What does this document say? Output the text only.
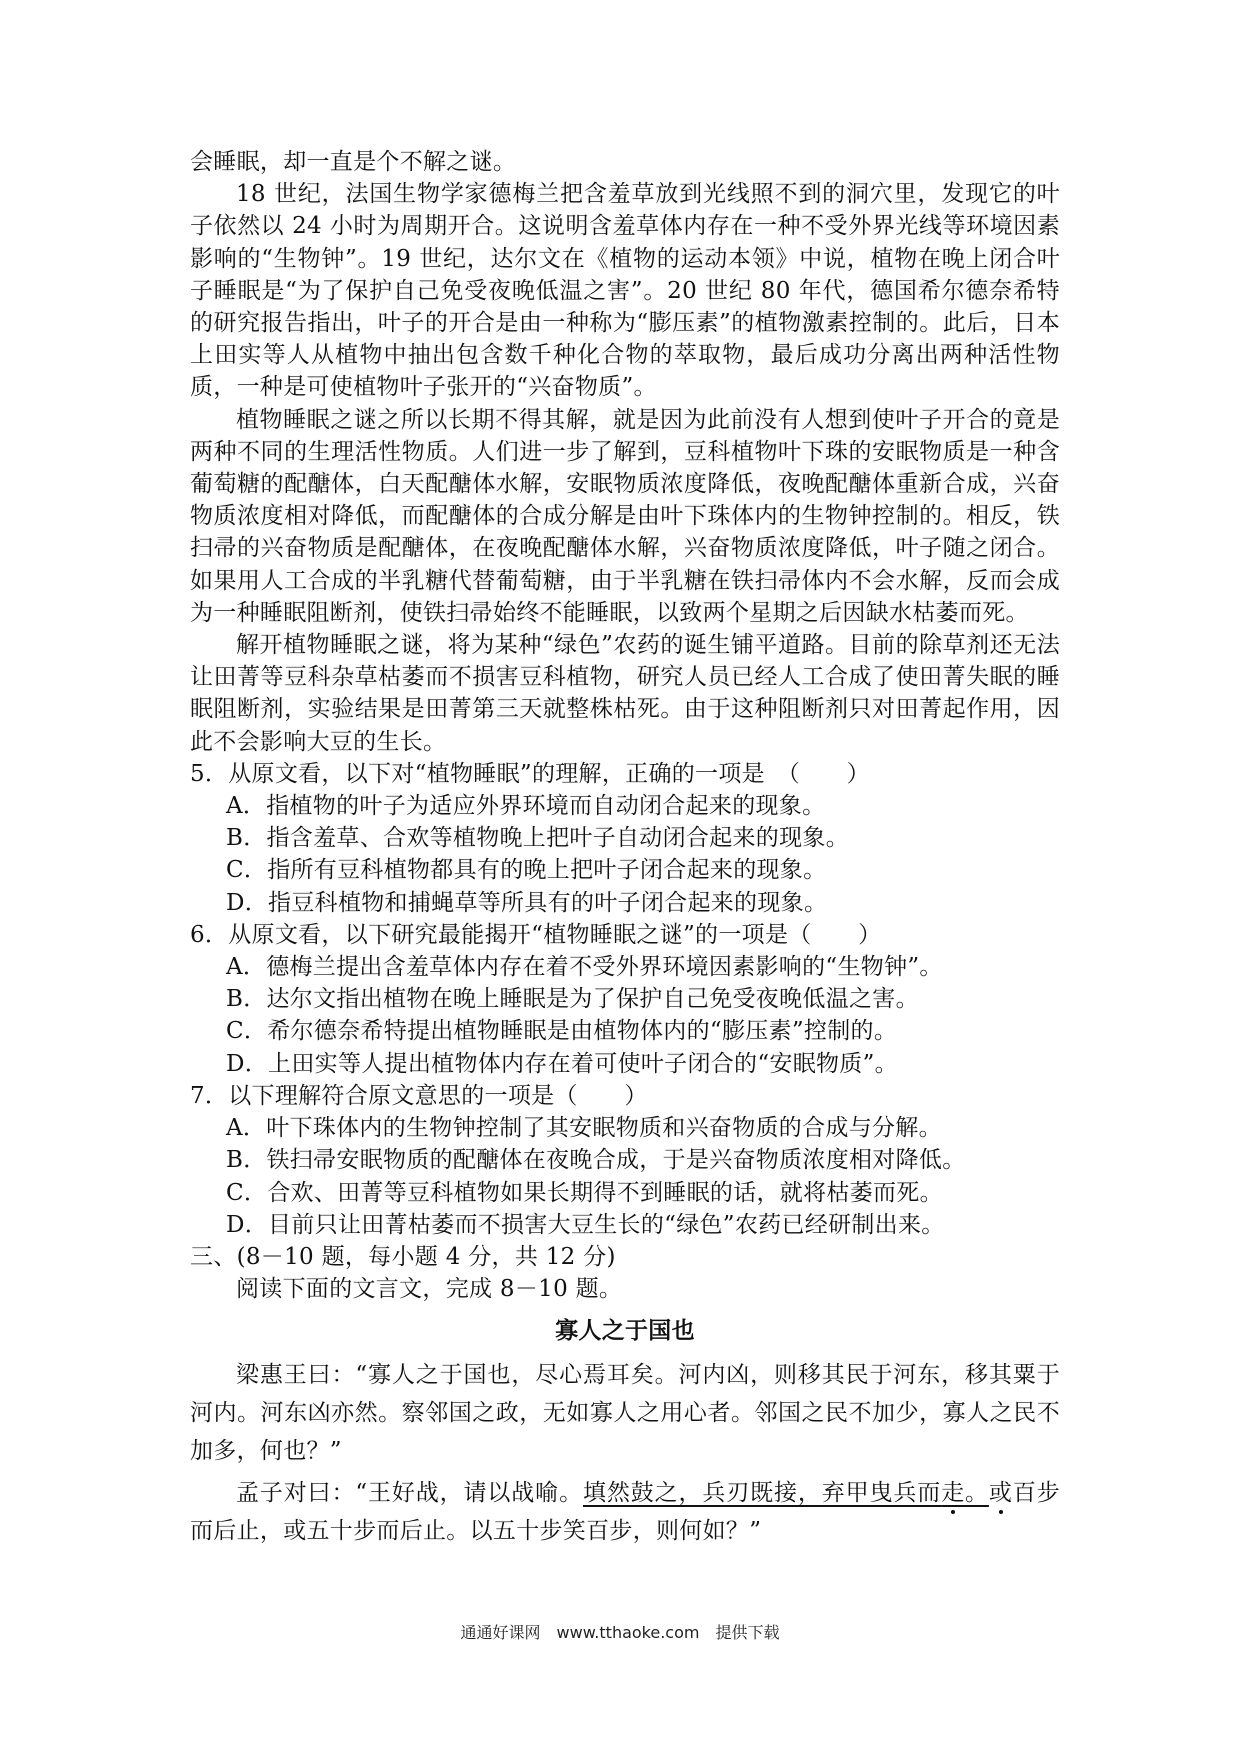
会睡眠，却一直是个不解之谜。

18 世纪，法国生物学家德梅兰把含羞草放到光线照不到的洞穴里，发现它的叶子依然以 24 小时为周期开合。这说明含羞草体内存在一种不受外界光线等环境因素影响的“生物钟”。19 世纪，达尔文在《植物的运动本领》中说，植物在晚上闭合叶子睡眠是“为了保护自己免受夜晚低温之害”。20 世纪 80 年代，德国希尔德奈希特的研究报告指出，叶子的开合是由一种称为“膨压素”的植物激素控制的。此后，日本上田实等人从植物中抽出包含数千种化合物的萃取物，最后成功分离出两种活性物质，一种是可使植物叶子张开的“兴奋物质”。

植物睡眠之谜之所以长期不得其解，就是因为此前没有人想到使叶子开合的竟是两种不同的生理活性物质。人们进一步了解到，豆科植物叶下珠的安眠物质是一种含葡萄糖的配醣体，白天配醣体水解，安眠物质浓度降低，夜晚配醣体重新合成，兴奋物质浓度相对降低，而配醣体的合成分解是由叶下珠体内的生物钟控制的。相反，铁扫帚的兴奋物质是配醣体，在夜晚配醣体水解，兴奋物质浓度降低，叶子随之闭合。如果用人工合成的半乳糖代替葡萄糖，由于半乳糖在铁扫帚体内不会水解，反而会成为一种睡眠阻断剂，使铁扫帚始终不能睡眠，以致两个星期之后因缺水枯萎而死。

解开植物睡眠之谜，将为某种“绿色”农药的诞生铺平道路。目前的除草剂还无法让田菁等豆科杂草枯萎而不损害豆科植物，研究人员已经人工合成了使田菁失眠的睡眠阻断剂，实验结果是田菁第三天就整株枯死。由于这种阻断剂只对田菁起作用，因此不会影响大豆的生长。

5．从原文看，以下对“植物睡眠”的理解，正确的一项是　（　　）

A．指植物的叶子为适应外界环境而自动闭合起来的现象。

B．指含羞草、合欢等植物晚上把叶子自动闭合起来的现象。

C．指所有豆科植物都具有的晚上把叶子闭合起来的现象。

D．指豆科植物和捕蝇草等所具有的叶子闭合起来的现象。

6．从原文看，以下研究最能揭开“植物睡眠之谜”的一项是（　　）

A．德梅兰提出含羞草体内存在着不受外界环境因素影响的“生物钟”。

B．达尔文指出植物在晚上睡眠是为了保护自己免受夜晚低温之害。

C．希尔德奈希特提出植物睡眠是由植物体内的“膨压素”控制的。

D．上田实等人提出植物体内存在着可使叶子闭合的“安眠物质”。

7．以下理解符合原文意思的一项是（　　）

A．叶下珠体内的生物钟控制了其安眠物质和兴奋物质的合成与分解。

B．铁扫帚安眠物质的配醣体在夜晚合成，于是兴奋物质浓度相对降低。

C．合欢、田菁等豆科植物如果长期得不到睡眠的话，就将枯萎而死。

D．目前只让田菁枯萎而不损害大豆生长的“绿色”农药已经研制出来。

三、(8－10 题，每小题 4 分，共 12 分)

阅读下面的文言文，完成 8－10 题。

寡人之于国也

梁惠王曰：“寡人之于国也，尽心焉耳矣。河内凶，则移其民于河东，移其粟于河内。河东凶亦然。察邻国之政，无如寡人之用心者。邻国之民不加少，寡人之民不加多，何也？”

孟子对曰：“王好战，请以战喻。填然鼓之，兵刃既接，弃甲曳兵而走。或百步而后止，或五十步而后止。以五十步笑百步，则何如？”

通通好课网　www.tthaoke.com　提供下载
